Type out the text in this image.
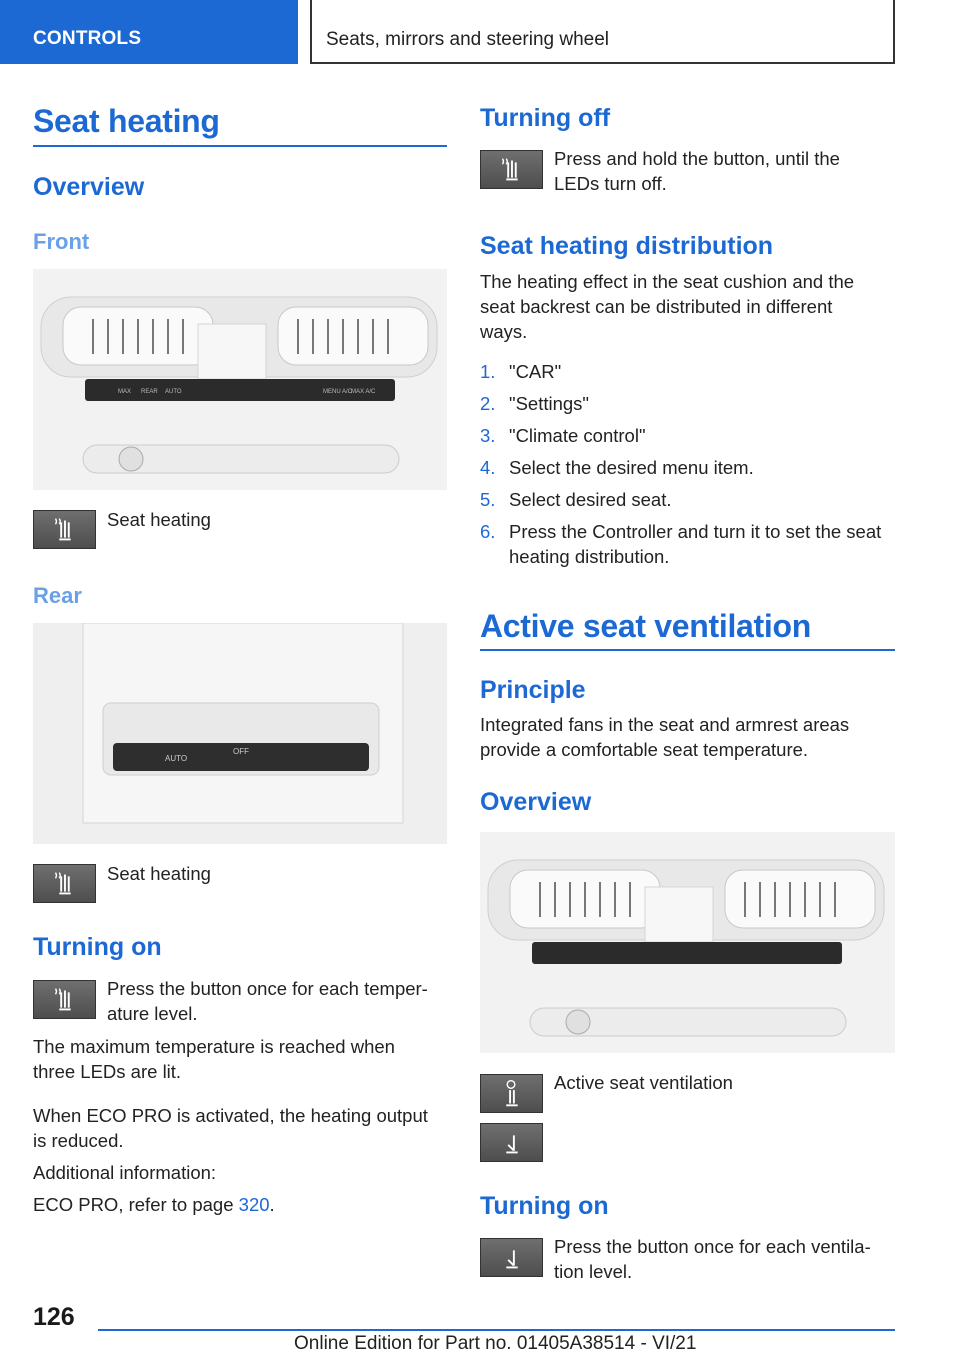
CONTROLS	Seats, mirrors and steering wheel
Seat heating
Overview
Front
MAX REAR AUTO	MENU A/C
MAX A/C
Seat heating
Rear
AUTO
OFF
Seat heating
Turning on
Press the button once for each temper-
ature level.
The maximum temperature is reached when
three LEDs are lit.
When ECO PRO is activated, the heating output
is reduced.
Additional information:
ECO PRO, refer to page 320.
Turning off
Press and hold the button, until the
LEDs turn off.
Seat heating distribution
The heating effect in the seat cushion and the
seat backrest can be distributed in different
ways.
1. "CAR"
2. "Settings"
3. "Climate control"
4. Select the desired menu item.
5. Select desired seat.
6. Press the Controller and turn it to set the seat
heating distribution.
Active seat ventilation
Principle
Integrated fans in the seat and armrest areas
provide a comfortable seat temperature.
Overview
Active seat ventilation
Turning on
Press the button once for each ventila-
tion level.
126
Online Edition for Part no. 01405A38514 - VI/21
